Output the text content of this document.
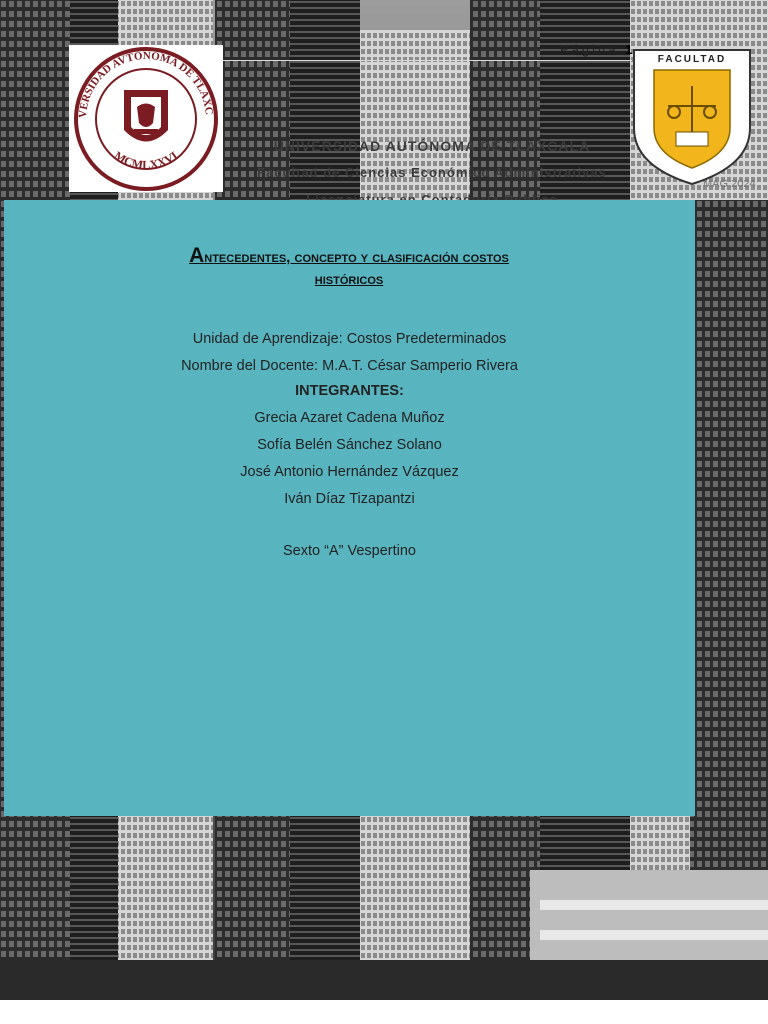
Página 1
UNIVERSIDAD AUTÓNOMA DE TLAXCALA
Facultad de Ciencias Económico Administrativas
MAG 2024
VERSIDAD AVTÓNOMA DE TLAXC
MCMLXXVI
FACULTAD
Antecedentes, concepto y clasificación costos
históricos
Unidad de Aprendizaje: Costos Predeterminados
Nombre del Docente: M.A.T. César Samperio Rivera
INTEGRANTES:
Grecia Azaret Cadena Muñoz
Sofía Belén Sánchez Solano
José Antonio Hernández Vázquez
Iván Díaz Tizapantzi
Sexto “A” Vespertino
